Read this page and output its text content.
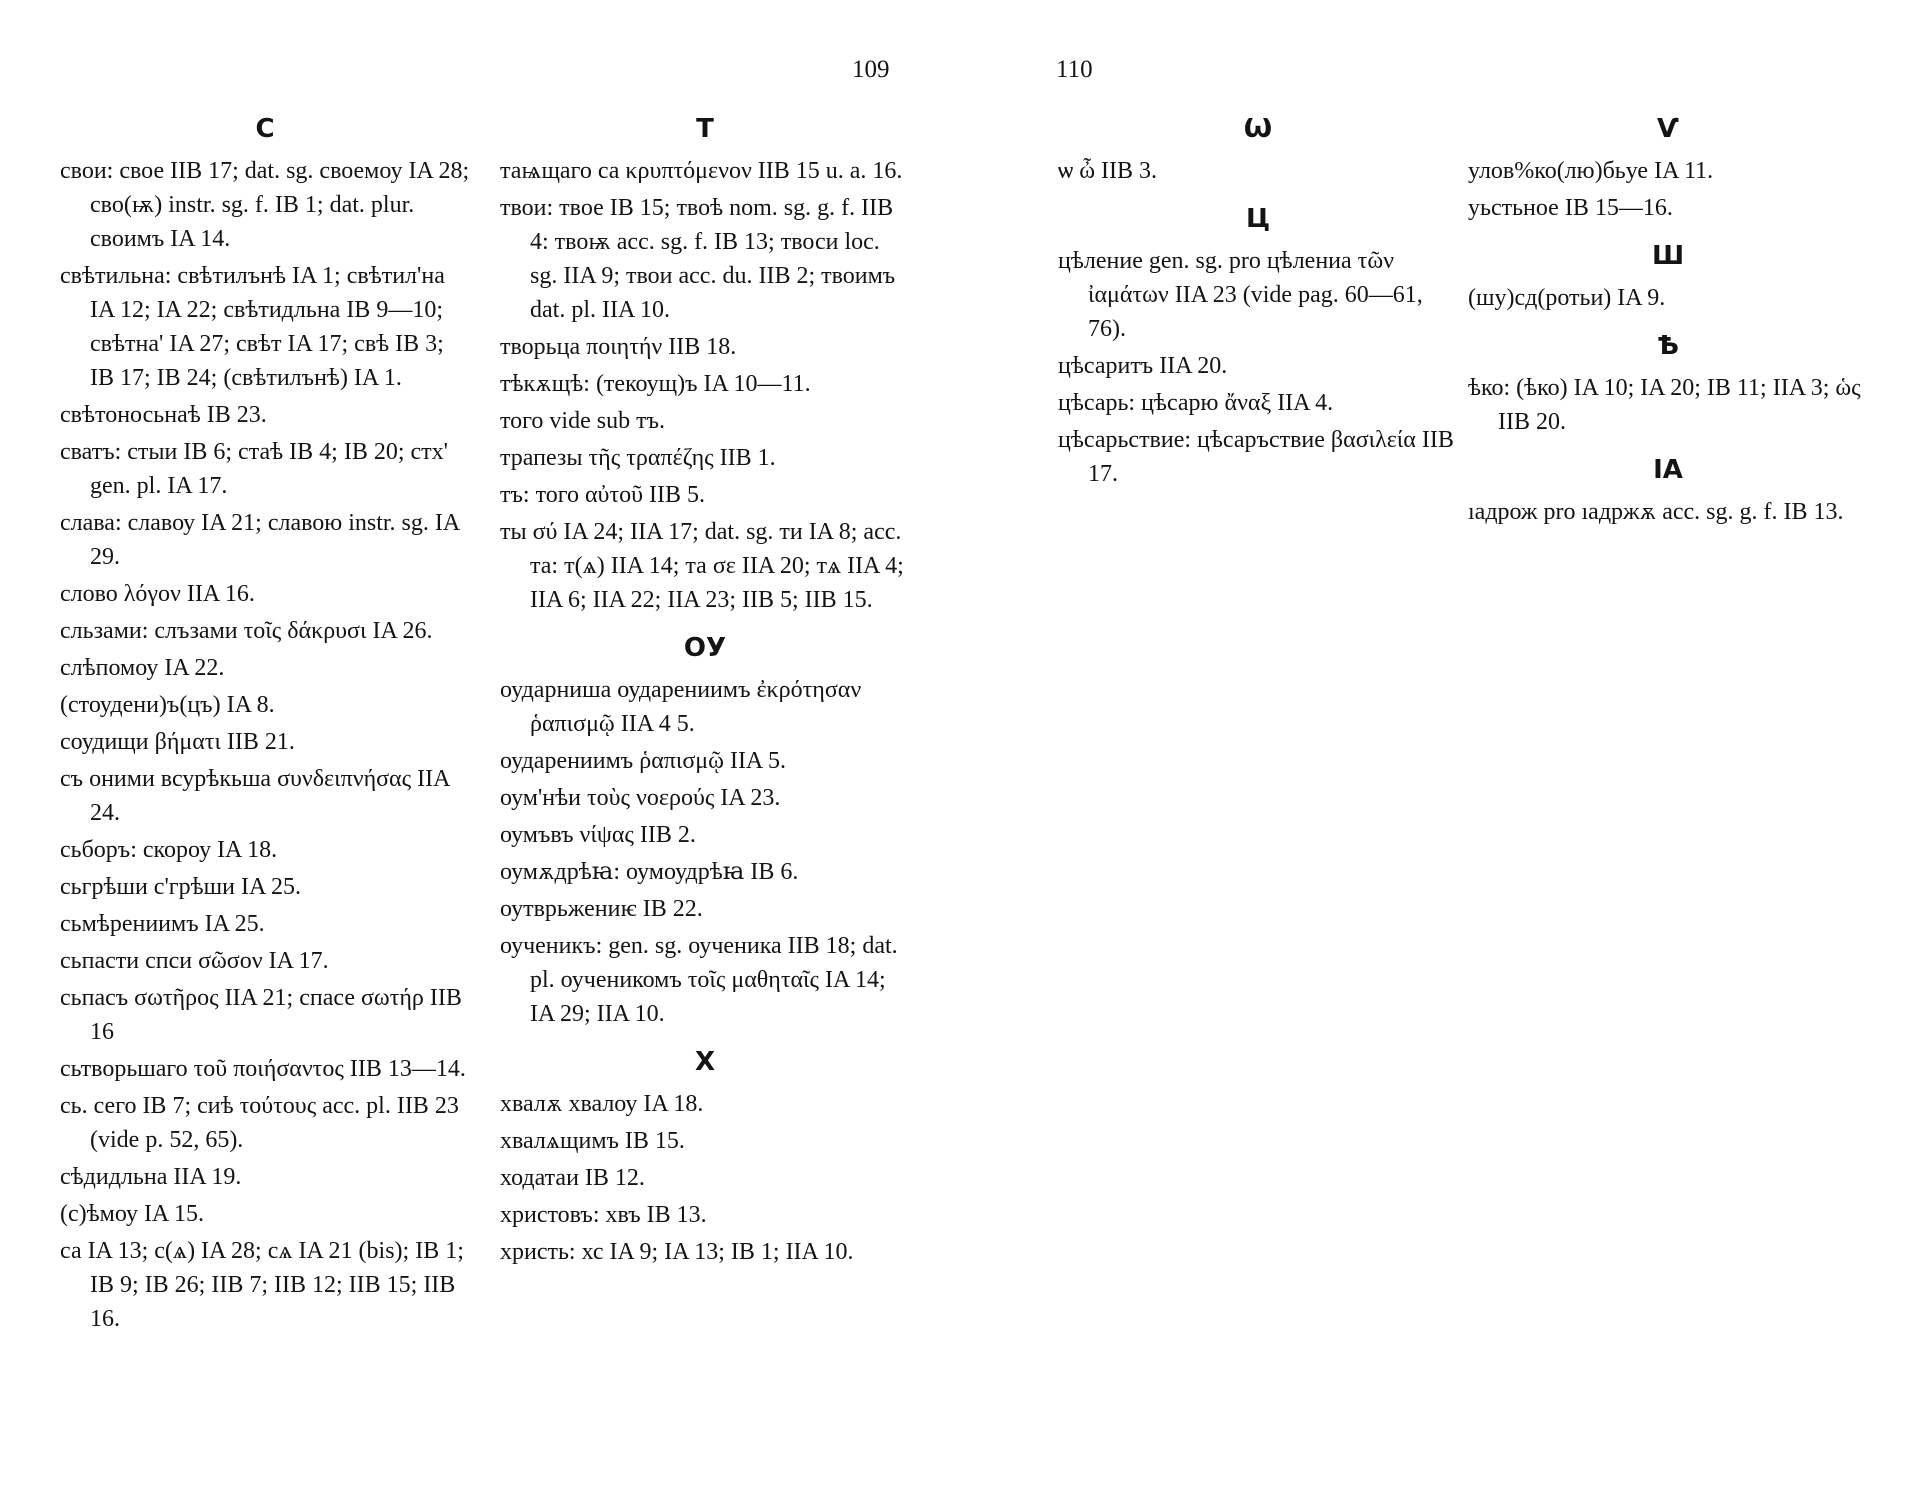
109	110
С
свои: свое IIB 17; dat. sg. своемоу IA 28; сво(ѭ) instr. sg. f. IB 1; dat. plur. своимъ IA 14.
свѣтильна: свѣтилънѣ IA 1; свѣтил'на IA 12; IA 22; свѣтидльна IB 9—10; свѣтна' IA 27; свѣт IA 17; свѣ IB 3; IB 17; IB 24; (свѣтилънѣ) IA 1.
свѣтоносьнаѣ IB 23.
сватъ: стыи IB 6; стаѣ IB 4; IB 20; стх' gen. pl. IA 17.
слава: славоу IA 21; славою instr. sg. IA 29.
слово λόγον IIA 16.
сльзами: слъзами τοῖς δάκρυσι IA 26.
слѣпомоу IA 22.
(стоудени)ъ(цъ) IA 8.
соудищи βήματι IIB 21.
съ оними всурѣкьша συνδειπνήσας IIA 24.
сьборъ: скороу IA 18.
сьгрѣши с'грѣши IA 25.
сьмѣрениимъ IA 25.
сьпасти спси σῶσον IA 17.
сьпасъ σωτῆρος IIA 21; спасе σωτήρ IIB 16
сьтворьшаго τοῦ ποιήσαντος IIB 13—14.
сь. сего IB 7; сиѣ τούτους acc. pl. IIB 23 (vide p. 52, 65).
сѣдидльна IIA 19.
(с)ѣмоу IA 15.
са IA 13; с(ѧ) IA 28; сѧ IA 21 (bis); IB 1; IB 9; IB 26; IIB 7; IIB 12; IIB 15; IIB 16.
Т
таѩщаго са κρυπτόμενον IIB 15 u. a. 16.
твои: твое IB 15; твоѣ nom. sg. g. f. IIB 4: твоѭ acc. sg. f. IB 13; твоси loc. sg. IIA 9; твои acc. du. IIB 2; твоимъ dat. pl. IIA 10.
творьца ποιητήν IIB 18.
тѣкѫщѣ: (текоущ)ъ IA 10—11.
того vide sub тъ.
трапезы τῆς τραπέζης IIB 1.
тъ: того αὐτοῦ IIB 5.
ты σύ IA 24; IIA 17; dat. sg. ти IA 8; acc. та: т(ѧ) IIA 14; та σε IIA 20; тѧ IIA 4; IIA 6; IIA 22; IIA 23; IIB 5; IIB 15.
ОУ
оударниша оударениимъ ἐκρότησαν ῥαπισμῷ IIA 4 5.
оударениимъ ῥαπισμῷ IIA 5.
оум'нѣи τοὺς νοερούς IA 23.
оумъвъ νίψας IIB 2.
оумѫдрѣꙗ: оумоудрѣꙗ IB 6.
оутврьжениѥ IB 22.
оученикъ: gen. sg. оученика IIB 18; dat. pl. оученикомъ τοῖς μαθηταῖς IA 14; IA 29; IIA 10.
Х
хвалѫ хвалоу IA 18.
хвалѧщимъ IB 15.
ходатаи IB 12.
христовъ: хвъ IB 13.
христь: хс IA 9; IA 13; IB 1; IIA 10.
Ѡ
ѡ ὦ IIB 3.
Ц
цѣление gen. sg. pro цѣлениа τῶν ἰαμάτων IIA 23 (vide pag. 60—61, 76).
цѣсаритъ IIA 20.
цѣсарь: цѣсарю ἄναξ IIA 4.
цѣсарьствие: цѣсаръствие βασιλεία IIB 17.
Ѵ
улов%ко(лю)бьуе IA 11.
уьстьное IB 15—16.
Ш
(шу)сд(ротьи) IA 9.
Ѣ
ѣко: (ѣко) IA 10; IA 20; IB 11; IIA 3; ὡς IIB 20.
ІА
ıадрож pro ıадржѫ acc. sg. g. f. IB 13.
